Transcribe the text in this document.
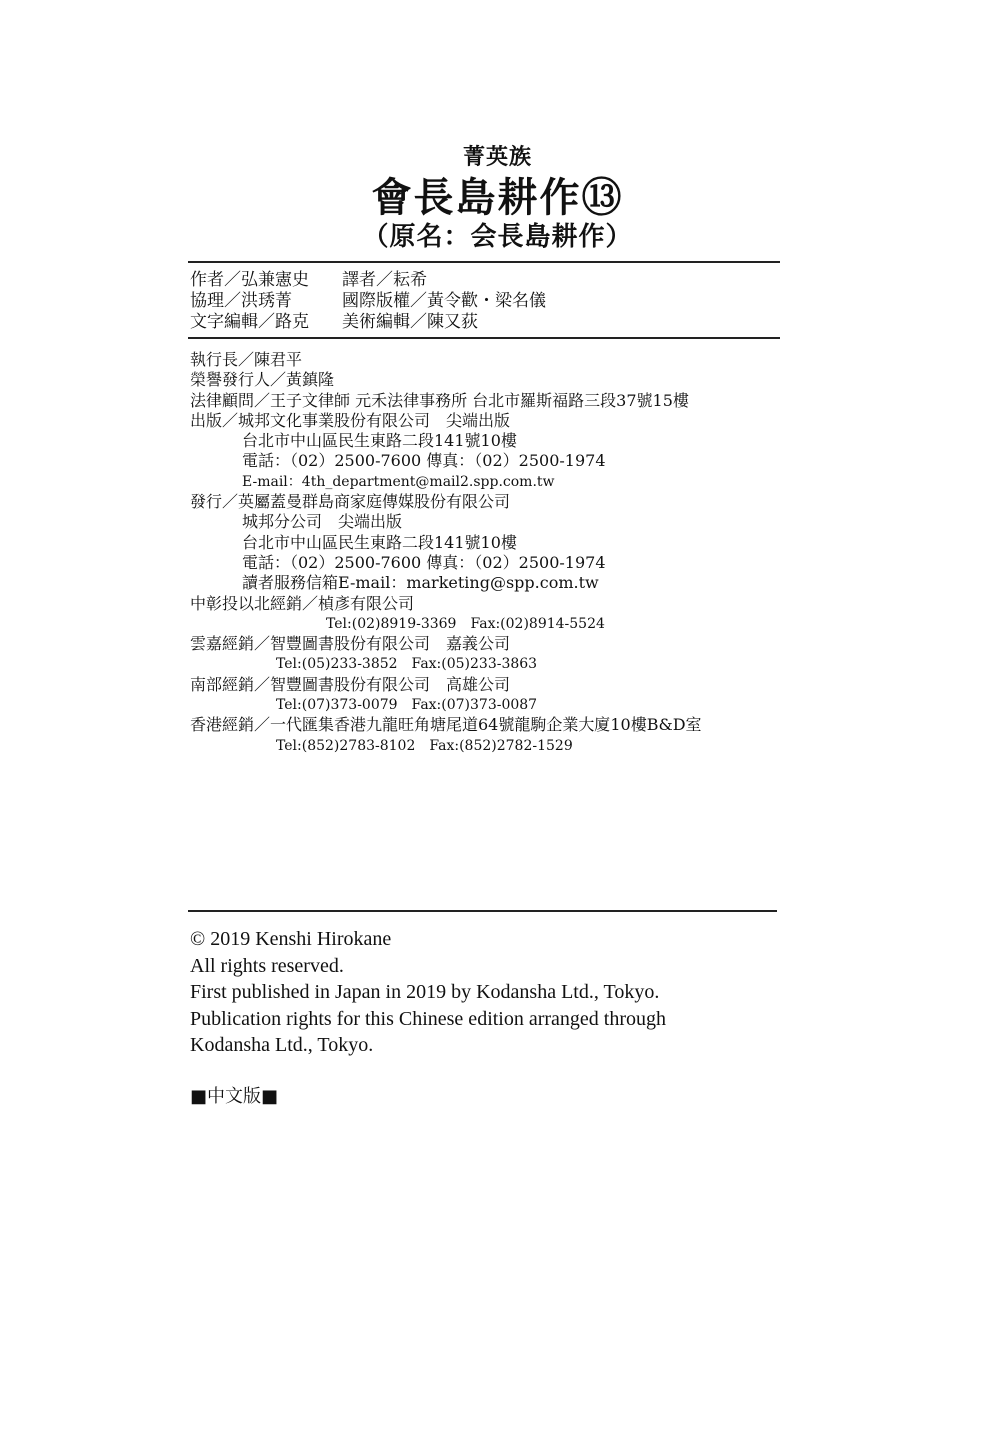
菁英族
會長島耕作⑬
（原名：会長島耕作）
作者／弘兼憲史	譯者／耘希
協理／洪琇菁	國際版權／黃令歡・梁名儀
文字編輯／路克	美術編輯／陳又荻
執行長／陳君平
榮譽發行人／黃鎮隆
法律顧問／王子文律師 元禾法律事務所 台北市羅斯福路三段37號15樓
出版／城邦文化事業股份有限公司　尖端出版
台北市中山區民生東路二段141號10樓
電話：（02）2500-7600 傳真：（02）2500-1974
E-mail：4th_department@mail2.spp.com.tw
發行／英屬蓋曼群島商家庭傳媒股份有限公司
城邦分公司　尖端出版
台北市中山區民生東路二段141號10樓
電話：（02）2500-7600 傳真：（02）2500-1974
讀者服務信箱E-mail：marketing@spp.com.tw
中彰投以北經銷／楨彥有限公司
Tel:(02)8919-3369　Fax:(02)8914-5524
雲嘉經銷／智豐圖書股份有限公司　嘉義公司
Tel:(05)233-3852　Fax:(05)233-3863
南部經銷／智豐圖書股份有限公司　高雄公司
Tel:(07)373-0079　Fax:(07)373-0087
香港經銷／一代匯集香港九龍旺角塘尾道64號龍駒企業大廈10樓B&D室
Tel:(852)2783-8102　Fax:(852)2782-1529
© 2019 Kenshi Hirokane
All rights reserved.
First published in Japan in 2019 by Kodansha Ltd., Tokyo.
Publication rights for this Chinese edition arranged through
Kodansha Ltd., Tokyo.
■中文版■
